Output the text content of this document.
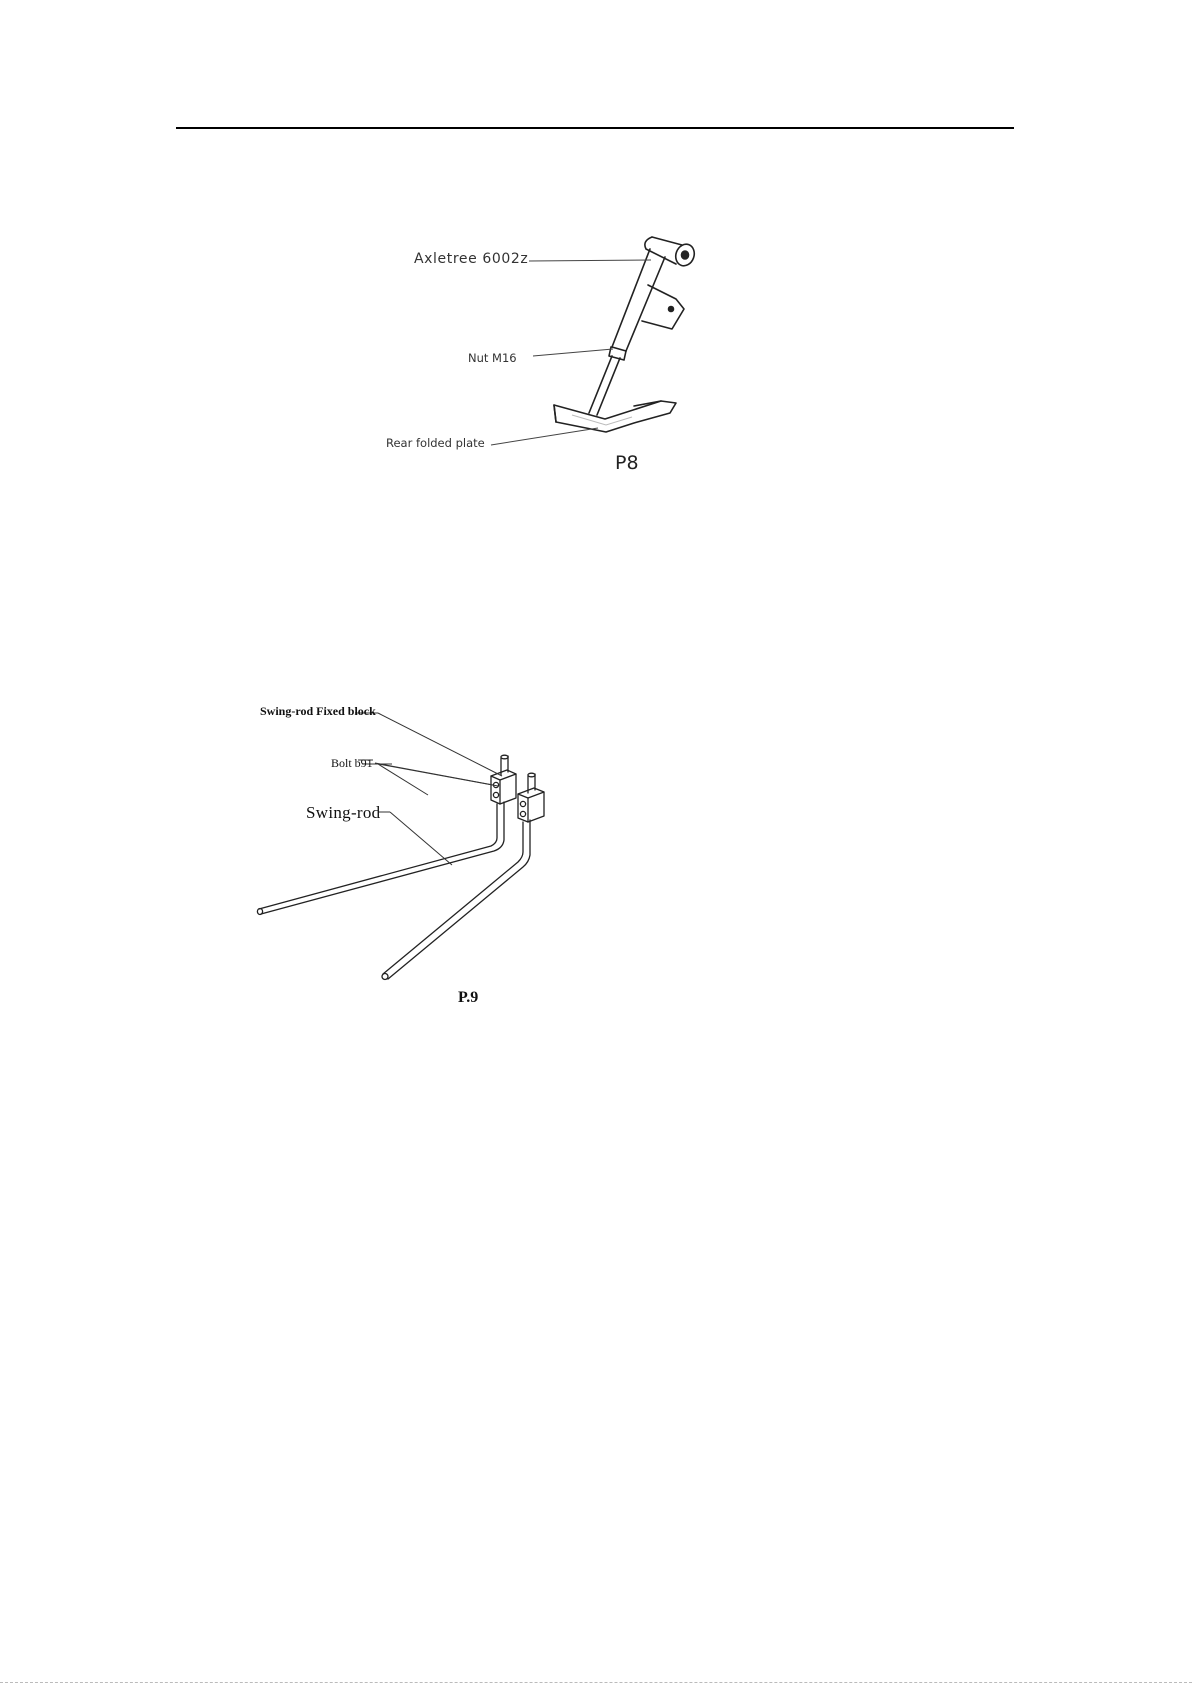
Axletree 6002z
Nut M16
Rear folded plate
P8
Swing-rod Fixed block
Bolt b91
Swing-rod
P.9
